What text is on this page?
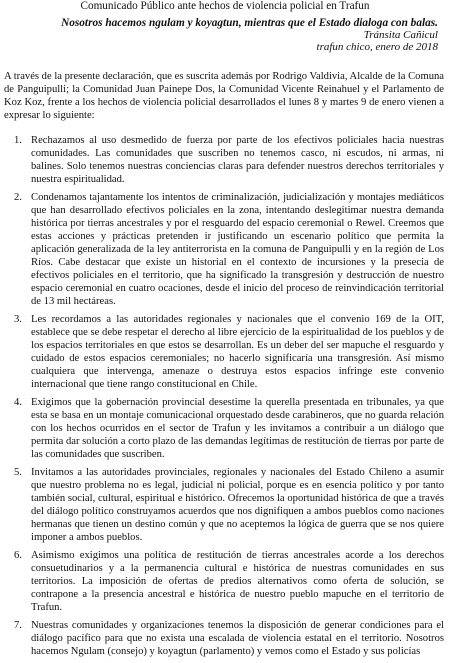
Comunicado Público ante hechos de violencia policial en Trafun
Nosotros hacemos ngulam y koyagtun, mientras que el Estado dialoga con balas.
Tránsita Cañicul
trafun chico, enero de 2018
A través de la presente declaración, que es suscrita además por Rodrigo Valdivia, Alcalde de la Comuna de Panguipulli; la Comunidad Juan Painepe Dos, la Comunidad Vicente Reinahuel y el Parlamento de Koz Koz, frente a los hechos de violencia policial desarrollados el lunes 8 y martes 9 de enero vienen a expresar lo siguiente:
1. Rechazamos al uso desmedido de fuerza por parte de los efectivos policiales hacia nuestras comunidades. Las comunidades que suscriben no tenemos casco, ni escudos, ni armas, ni balines. Solo tenemos nuestras conciencias claras para defender nuestros derechos territoriales y nuestra espiritualidad.
2. Condenamos tajantamente los intentos de criminalización, judicialización y montajes mediáticos que han desarrollado efectivos policiales en la zona, intentando deslegitimar nuestra demanda histórica por tierras ancestrales y por el resguardo del espacio ceremonial o Rewel. Creemos que estas acciones y prácticas pretenden ir justificando un escenario político que permita la aplicación generalizada de la ley antiterrorista en la comuna de Panguipulli y en la región de Los Ríos. Cabe destacar que existe un historial en el contexto de incursiones y la presecia de efectivos policiales en el territorio, que ha significado la transgresión y destrucción de nuestro espacio ceremonial en cuatro ocaciones, desde el inicio del proceso de reinvindicación territorial de 13 mil hectáreas.
3. Les recordamos a las autoridades regionales y nacionales que el convenio 169 de la OIT, establece que se debe respetar el derecho al libre ejercicio de la espiritualidad de los pueblos y de los espacios territoriales en que estos se desarrollan. Es un deber del ser mapuche el resguardo y cuidado de estos espacios ceremoniales; no hacerlo significaría una transgresión. Así mismo cualquiera que intervenga, amenaze o destruya estos espacios infringe este convenio internacional que tiene rango constitucional en Chile.
4. Exigimos que la gobernación provincial desestime la querella presentada en tribunales, ya que esta se basa en un montaje comunicacional orquestado desde carabineros, que no guarda relación con los hechos ocurridos en el sector de Trafun y les invitamos a contribuir a un diálogo que permita dar solución a corto plazo de las demandas legítimas de restitución de tierras por parte de las comunidades que suscriben.
5. Invitamos a las autoridades provinciales, regionales y nacionales del Estado Chileno a asumir que nuestro problema no es legal, judicial ni policial, porque es en esencia político y por tanto también social, cultural, espiritual e histórico. Ofrecemos la oportunidad histórica de que a través del diálogo político construyamos acuerdos que nos dignifiquen a ambos pueblos como naciones hermanas que tienen un destino común y que no aceptemos la lógica de guerra que se nos quiere imponer a ambos pueblos.
6. Asimismo exigimos una política de restitución de tierras ancestrales acorde a los derechos consuetudinarios y a la permanencia cultural e histórica de nuestras comunidades en sus territorios. La imposición de ofertas de predios alternativos como oferta de solución, se contrapone a la presencia ancestral e histórica de nuestro pueblo mapuche en el territorio de Trafun.
7. Nuestras comunidades y organizaciones tenemos la disposición de generar condiciones para el diálogo pacífico para que no exista una escalada de violencia estatal en el territorio. Nosotros hacemos Ngulam (consejo) y koyagtun (parlamento) y vemos como el Estado y sus policías
